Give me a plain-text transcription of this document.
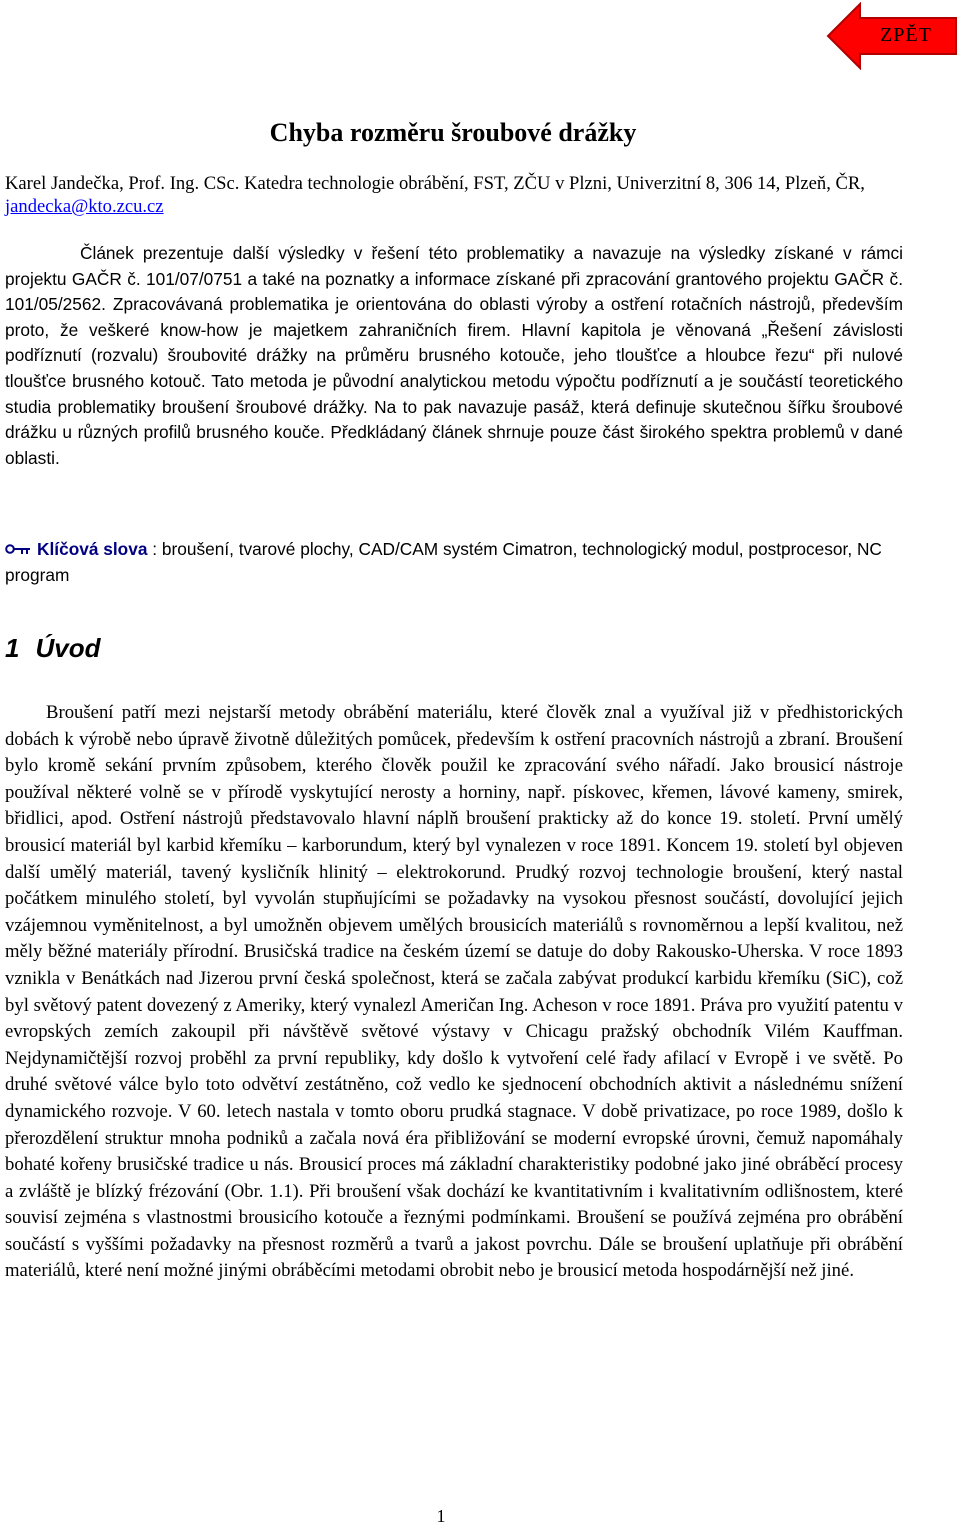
ZPĚT
Chyba rozměru šroubové drážky

Karel Jandečka, Prof. Ing. CSc. Katedra technologie obrábění, FST, ZČU v Plzni, Univerzitní 8, 306 14, Plzeň, ČR,
jandecka@kto.zcu.cz

Článek prezentuje další výsledky v řešení této problematiky a navazuje na výsledky získané v rámci projektu GAČR č. 101/07/0751 a také na poznatky a informace získané při zpracování grantového projektu GAČR č. 101/05/2562. Zpracovávaná problematika je orientována do oblasti výroby a ostření rotačních nástrojů, především proto, že veškeré know-how je majetkem zahraničních firem. Hlavní kapitola je věnovaná „Řešení závislosti podříznutí (rozvalu) šroubovité drážky na průměru brusného kotouče, jeho tloušťce a hloubce řezu“ při nulové tloušťce brusného kotouč. Tato metoda je původní analytickou metodu výpočtu podříznutí a je součástí teoretického studia problematiky broušení šroubové drážky. Na to pak navazuje pasáž, která definuje skutečnou šířku šroubové drážku u různých profilů brusného kouče. Předkládaný článek shrnuje pouze část širokého spektra problemů v dané oblasti.

Klíčová slova : broušení, tvarové plochy, CAD/CAM systém Cimatron, technologický modul, postprocesor, NC program

1 Úvod

Broušení patří mezi nejstarší metody obrábění materiálu, které člověk znal a využíval již v předhistorických dobách k výrobě nebo úpravě životně důležitých pomůcek, především k ostření pracovních nástrojů a zbraní. Broušení bylo kromě sekání prvním způsobem, kterého člověk použil ke zpracování svého nářadí. Jako brousicí nástroje používal některé volně se v přírodě vyskytující nerosty a horniny, např. pískovec, křemen, lávové kameny, smirek, břidlici, apod. Ostření nástrojů představovalo hlavní náplň broušení prakticky až do konce 19. století. První umělý brousicí materiál byl karbid křemíku – karborundum, který byl vynalezen v roce 1891. Koncem 19. století byl objeven další umělý materiál, tavený kysličník hlinitý – elektrokorund. Prudký rozvoj technologie broušení, který nastal počátkem minulého století, byl vyvolán stupňujícími se požadavky na vysokou přesnost součástí, dovolující jejich vzájemnou vyměnitelnost, a byl umožněn objevem umělých brousicích materiálů s rovnoměrnou a lepší kvalitou, než měly běžné materiály přírodní. Brusičská tradice na českém území se datuje do doby Rakousko-Uherska. V roce 1893 vznikla v Benátkách nad Jizerou první česká společnost, která se začala zabývat produkcí karbidu křemíku (SiC), což byl světový patent dovezený z Ameriky, který vynalezl Američan Ing. Acheson v roce 1891. Práva pro využití patentu v evropských zemích zakoupil při návštěvě světové výstavy v Chicagu pražský obchodník Vilém Kauffman. Nejdynamičtější rozvoj proběhl za první republiky, kdy došlo k vytvoření celé řady afilací v Evropě i ve světě. Po druhé světové válce bylo toto odvětví zestátněno, což vedlo ke sjednocení obchodních aktivit a následnému snížení dynamického rozvoje. V 60. letech nastala v tomto oboru prudká stagnace. V době privatizace, po roce 1989, došlo k přerozdělení struktur mnoha podniků a začala nová éra přibližování se moderní evropské úrovni, čemuž napomáhaly bohaté kořeny brusičské tradice u nás. Brousicí proces má základní charakteristiky podobné jako jiné obráběcí procesy a zvláště je blízký frézování (Obr. 1.1). Při broušení však dochází ke kvantitativním i kvalitativním odlišnostem, které souvisí zejména s vlastnostmi brousicího kotouče a řeznými podmínkami. Broušení se používá zejména pro obrábění součástí s vyššími požadavky na přesnost rozměrů a tvarů a jakost povrchu. Dále se broušení uplatňuje při obrábění materiálů, které není možné jinými obráběcími metodami obrobit nebo je brousicí metoda hospodárnější než jiné.

1
